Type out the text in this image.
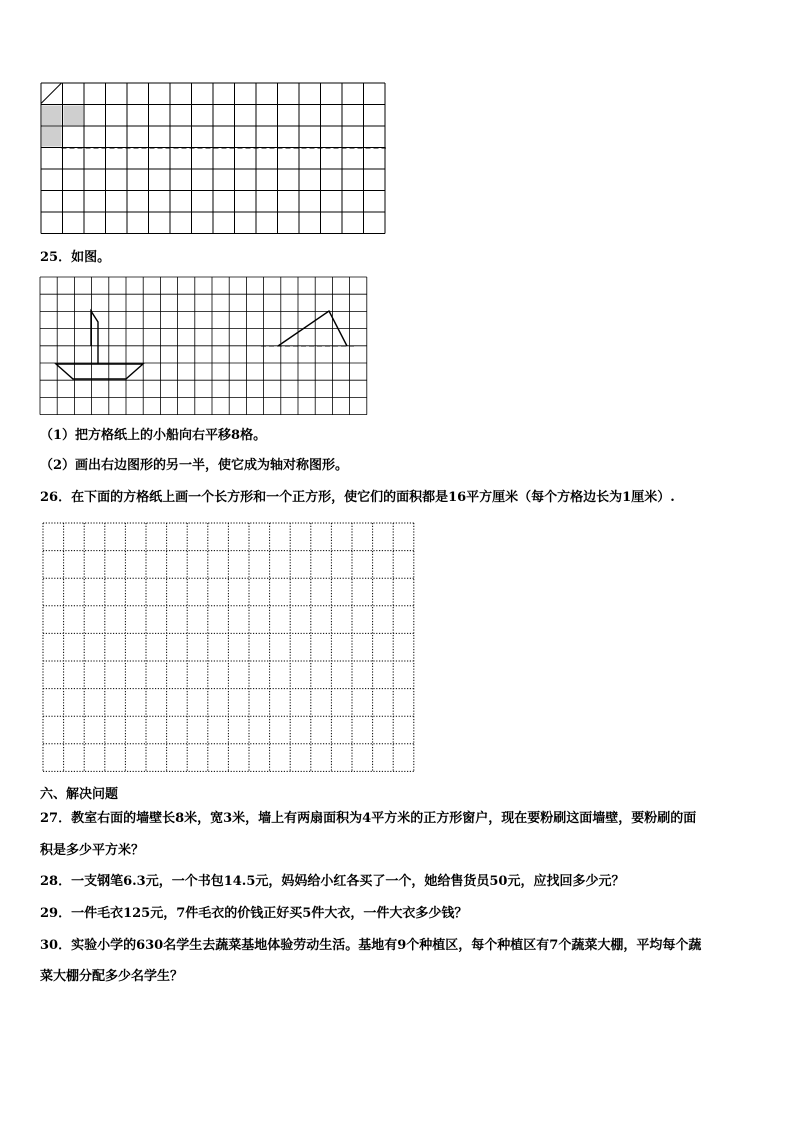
25．如图。
（1）把方格纸上的小船向右平移8格。
（2）画出右边图形的另一半，使它成为轴对称图形。
26．在下面的方格纸上画一个长方形和一个正方形，使它们的面积都是16平方厘米（每个方格边长为1厘米）.
六、解决问题
27．教室右面的墙壁长8米，宽3米，墙上有两扇面积为4平方米的正方形窗户，现在要粉刷这面墙壁，要粉刷的面
积是多少平方米？
28．一支钢笔6.3元，一个书包14.5元，妈妈给小红各买了一个，她给售货员50元，应找回多少元？
29．一件毛衣125元，7件毛衣的价钱正好买5件大衣，一件大衣多少钱？
30．实验小学的630名学生去蔬菜基地体验劳动生活。基地有9个种植区，每个种植区有7个蔬菜大棚，平均每个蔬
菜大棚分配多少名学生？
